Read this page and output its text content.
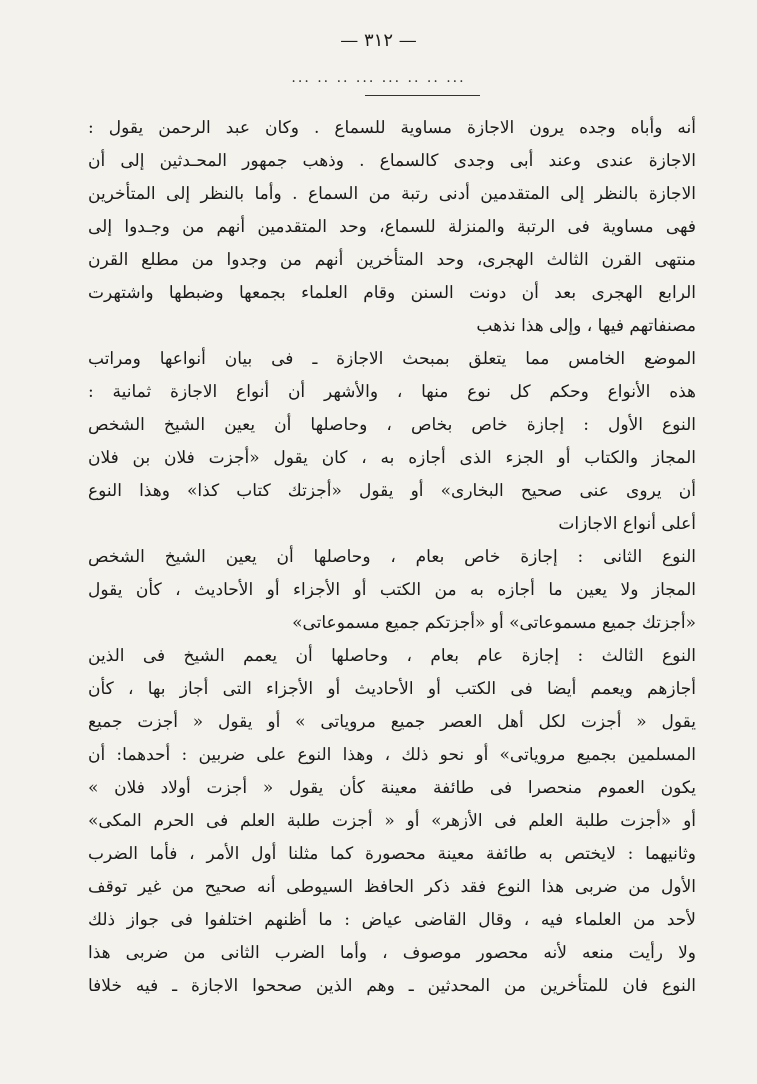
— ٣١٢ —
... .. .. ... ... .. .. ...
أنه وأباه وجده يرون الاجازة مساوية للسماع . وكان عبد الرحمن يقول :
الاجازة عندى وعند أبى وجدى كالسماع . وذهب جمهور المحـدثين إلى أن
الاجازة بالنظر إلى المتقدمين أدنى رتبة من السماع . وأما بالنظر إلى المتأخرين
فهى مساوية فى الرتبة والمنزلة للسماع، وحد المتقدمين أنهم من وجـدوا إلى
منتهى القرن الثالث الهجرى، وحد المتأخرين أنهم من وجدوا من مطلع القرن
الرابع الهجرى بعد أن دونت السنن وقام العلماء بجمعها وضبطها واشتهرت
مصنفاتهم فيها ، وإلى هذا نذهب
الموضع الخامس مما يتعلق بمبحث الاجازة ـ فى بيان أنواعها ومراتب
هذه الأنواع وحكم كل نوع منها ، والأشهر أن أنواع الاجازة ثمانية :
النوع الأول : إجازة خاص بخاص ، وحاصلها أن يعين الشيخ الشخص
المجاز والكتاب أو الجزء الذى أجازه به ، كان يقول «أجزت فلان بن فلان
أن يروى عنى صحيح البخارى» أو يقول «أجزتك كتاب كذا» وهذا النوع
أعلى أنواع الاجازات
النوع الثانى : إجازة خاص بعام ، وحاصلها أن يعين الشيخ الشخص
المجاز ولا يعين ما أجازه به من الكتب أو الأجزاء أو الأحاديث ، كأن يقول
«أجزتك جميع مسموعاتى» أو «أجزتكم جميع مسموعاتى»
النوع الثالث : إجازة عام بعام ، وحاصلها أن يعمم الشيخ فى الذين
أجازهم ويعمم أيضا فى الكتب أو الأحاديث أو الأجزاء التى أجاز بها ، كأن
يقول « أجزت لكل أهل العصر جميع مروياتى » أو يقول « أجزت جميع
المسلمين بجميع مروياتى» أو نحو ذلك ، وهذا النوع على ضربين : أحدهما: أن
يكون العموم منحصرا فى طائفة معينة كأن يقول « أجزت أولاد فلان »
أو «أجزت طلبة العلم فى الأزهر» أو « أجزت طلبة العلم فى الحرم المكى»
وثانيهما : لايختص به طائفة معينة محصورة كما مثلنا أول الأمر ، فأما الضرب
الأول من ضربى هذا النوع فقد ذكر الحافظ السيوطى أنه صحيح من غير توقف
لأحد من العلماء فيه ، وقال القاضى عياض : ما أظنهم اختلفوا فى جواز ذلك
ولا رأيت منعه لأنه محصور موصوف ، وأما الضرب الثانى من ضربى هذا
النوع فان للمتأخرين من المحدثين ـ وهم الذين صححوا الاجازة ـ فيه خلافا
